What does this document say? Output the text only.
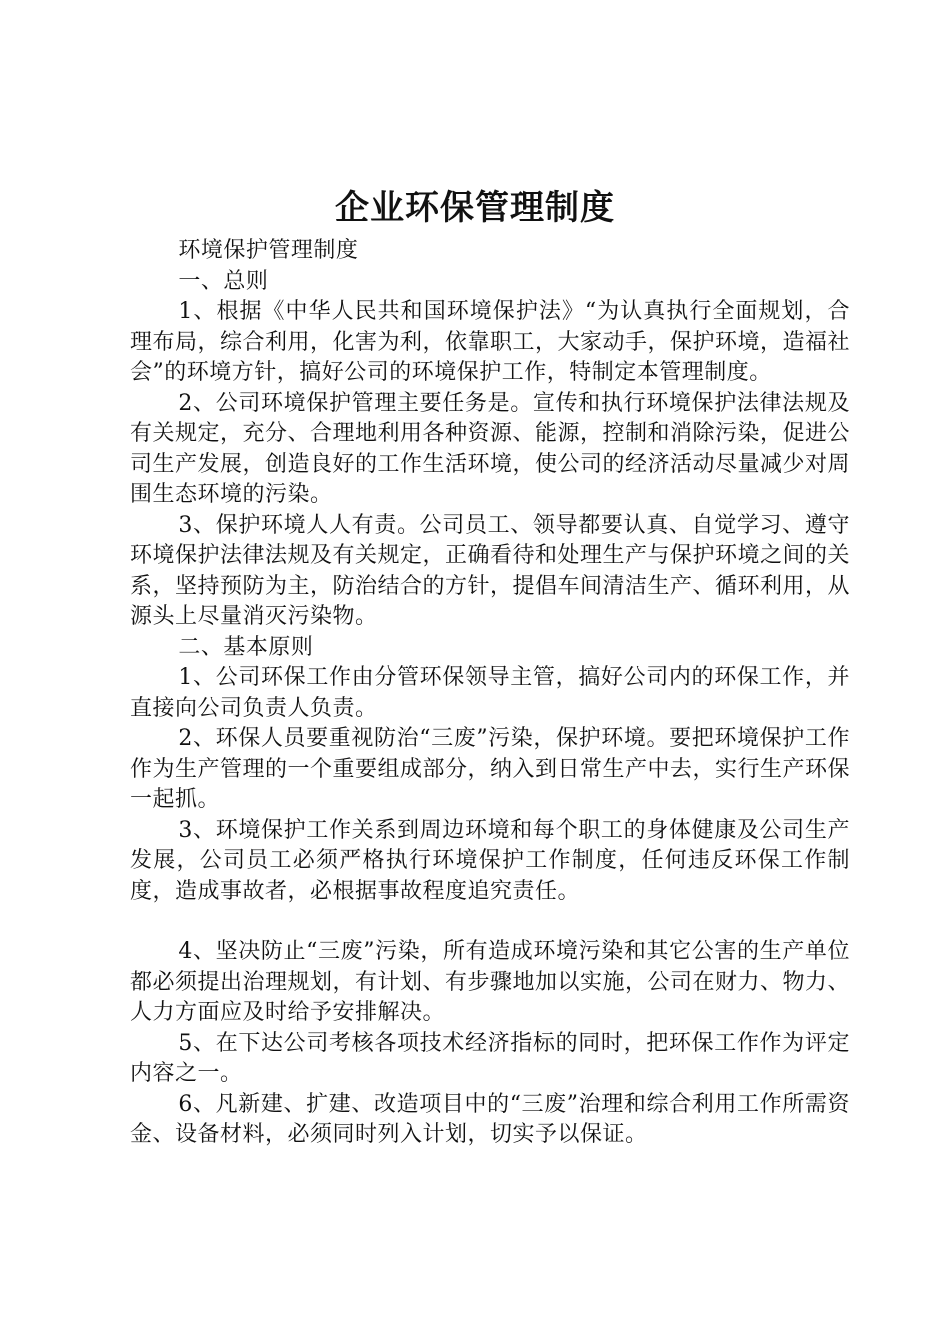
企业环保管理制度

环境保护管理制度

一、总则

1、根据《中华人民共和国环境保护法》“为认真执行全面规划，合理布局，综合利用，化害为利，依靠职工，大家动手，保护环境，造福社会”的环境方针，搞好公司的环境保护工作，特制定本管理制度。

2、公司环境保护管理主要任务是。宣传和执行环境保护法律法规及有关规定，充分、合理地利用各种资源、能源，控制和消除污染，促进公司生产发展，创造良好的工作生活环境，使公司的经济活动尽量减少对周围生态环境的污染。

3、保护环境人人有责。公司员工、领导都要认真、自觉学习、遵守环境保护法律法规及有关规定，正确看待和处理生产与保护环境之间的关系，坚持预防为主，防治结合的方针，提倡车间清洁生产、循环利用，从源头上尽量消灭污染物。

二、基本原则

1、公司环保工作由分管环保领导主管，搞好公司内的环保工作，并直接向公司负责人负责。

2、环保人员要重视防治“三废”污染，保护环境。要把环境保护工作作为生产管理的一个重要组成部分，纳入到日常生产中去，实行生产环保一起抓。

3、环境保护工作关系到周边环境和每个职工的身体健康及公司生产发展，公司员工必须严格执行环境保护工作制度，任何违反环保工作制度，造成事故者，必根据事故程度追究责任。

4、坚决防止“三废”污染，所有造成环境污染和其它公害的生产单位都必须提出治理规划，有计划、有步骤地加以实施，公司在财力、物力、人力方面应及时给予安排解决。

5、在下达公司考核各项技术经济指标的同时，把环保工作作为评定内容之一。

6、凡新建、扩建、改造项目中的“三废”治理和综合利用工作所需资金、设备材料，必须同时列入计划，切实予以保证。
